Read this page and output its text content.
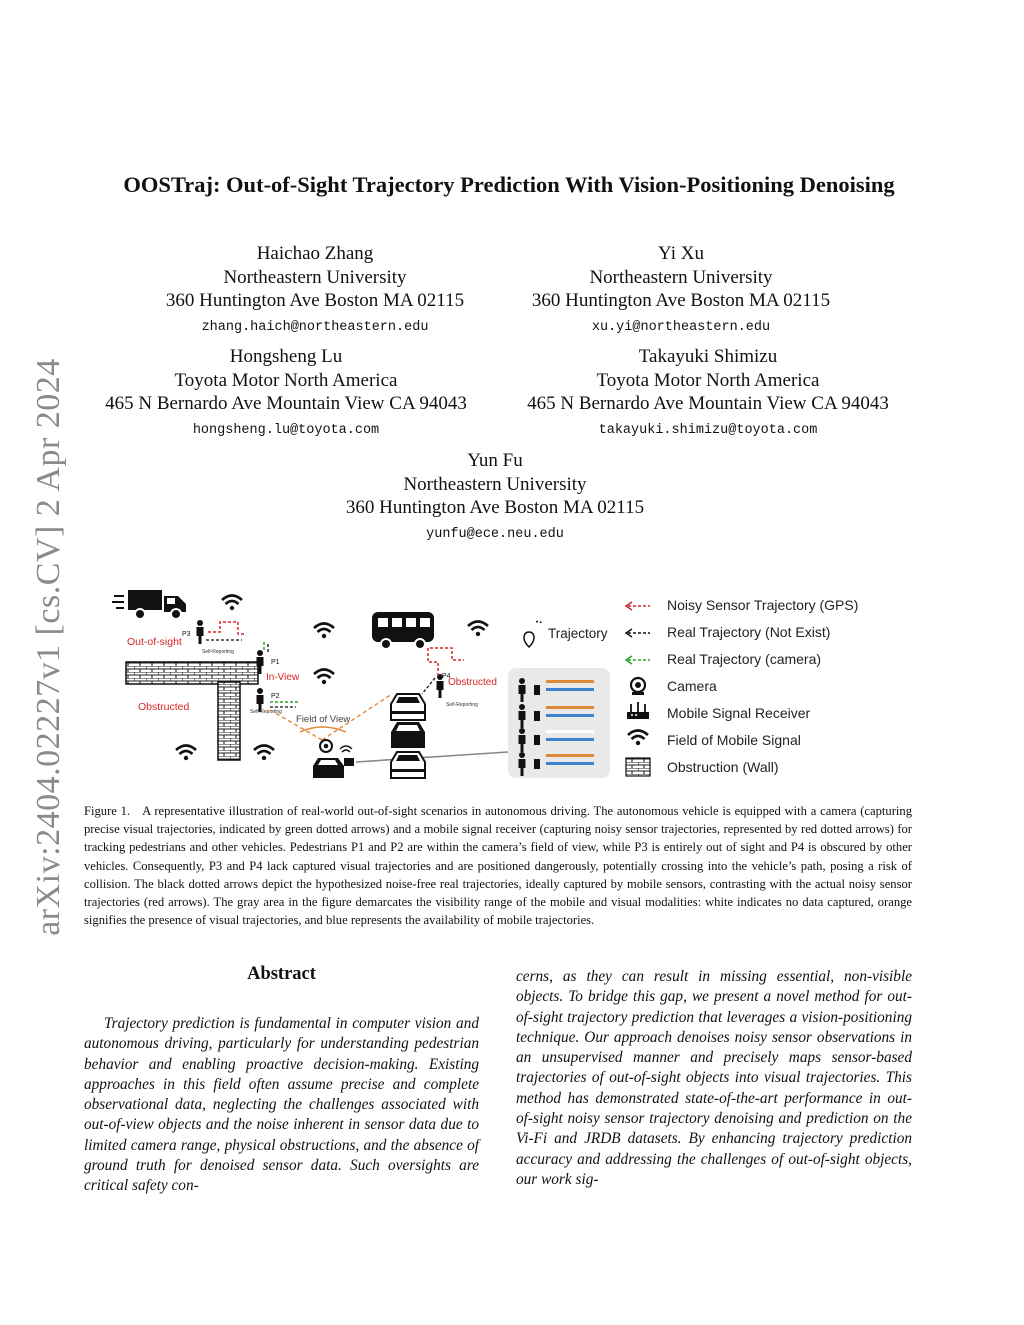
arXiv:2404.02227v1 [cs.CV] 2 Apr 2024
OOSTraj: Out-of-Sight Trajectory Prediction With Vision-Positioning Denoising
Haichao Zhang
Northeastern University
360 Huntington Ave Boston MA 02115
zhang.haich@northeastern.edu
Yi Xu
Northeastern University
360 Huntington Ave Boston MA 02115
xu.yi@northeastern.edu
Hongsheng Lu
Toyota Motor North America
465 N Bernardo Ave Mountain View CA 94043
hongsheng.lu@toyota.com
Takayuki Shimizu
Toyota Motor North America
465 N Bernardo Ave Mountain View CA 94043
takayuki.shimizu@toyota.com
Yun Fu
Northeastern University
360 Huntington Ave Boston MA 02115
yunfu@ece.neu.edu
P3
Out-of-sight
Self-Reporting
P1
In-View
P2
Self-Reporting
Obstructed
Field of View
P4
Obstructed
Self-Reporting
Trajectory
Noisy Sensor Trajectory (GPS)
Real Trajectory (Not Exist)
Real Trajectory (camera)
Camera
Mobile Signal Receiver
Field of Mobile Signal
Obstruction (Wall)
Figure 1. A representative illustration of real-world out-of-sight scenarios in autonomous driving. The autonomous vehicle is equipped with a camera (capturing precise visual trajectories, indicated by green dotted arrows) and a mobile signal receiver (capturing noisy sensor trajectories, represented by red dotted arrows) for tracking pedestrians and other vehicles. Pedestrians P1 and P2 are within the camera’s field of view, while P3 is entirely out of sight and P4 is obscured by other vehicles. Consequently, P3 and P4 lack captured visual trajectories and are positioned dangerously, potentially crossing into the vehicle’s path, posing a risk of collision. The black dotted arrows depict the hypothesized noise-free real trajectories, ideally captured by mobile sensors, contrasting with the actual noisy sensor trajectories (red arrows). The gray area in the figure demarcates the visibility range of the mobile and visual modalities: white indicates no data captured, orange signifies the presence of visual trajectories, and blue represents the availability of mobile trajectories.
Abstract
Trajectory prediction is fundamental in computer vision and autonomous driving, particularly for understanding pedestrian behavior and enabling proactive decision-making. Existing approaches in this field often assume precise and complete observational data, neglecting the challenges associated with out-of-view objects and the noise inherent in sensor data due to limited camera range, physical obstructions, and the absence of ground truth for denoised sensor data. Such oversights are critical safety con-
cerns, as they can result in missing essential, non-visible objects. To bridge this gap, we present a novel method for out-of-sight trajectory prediction that leverages a vision-positioning technique. Our approach denoises noisy sensor observations in an unsupervised manner and precisely maps sensor-based trajectories of out-of-sight objects into visual trajectories. This method has demonstrated state-of-the-art performance in out-of-sight noisy sensor trajectory denoising and prediction on the Vi-Fi and JRDB datasets. By enhancing trajectory prediction accuracy and addressing the challenges of out-of-sight objects, our work sig-
